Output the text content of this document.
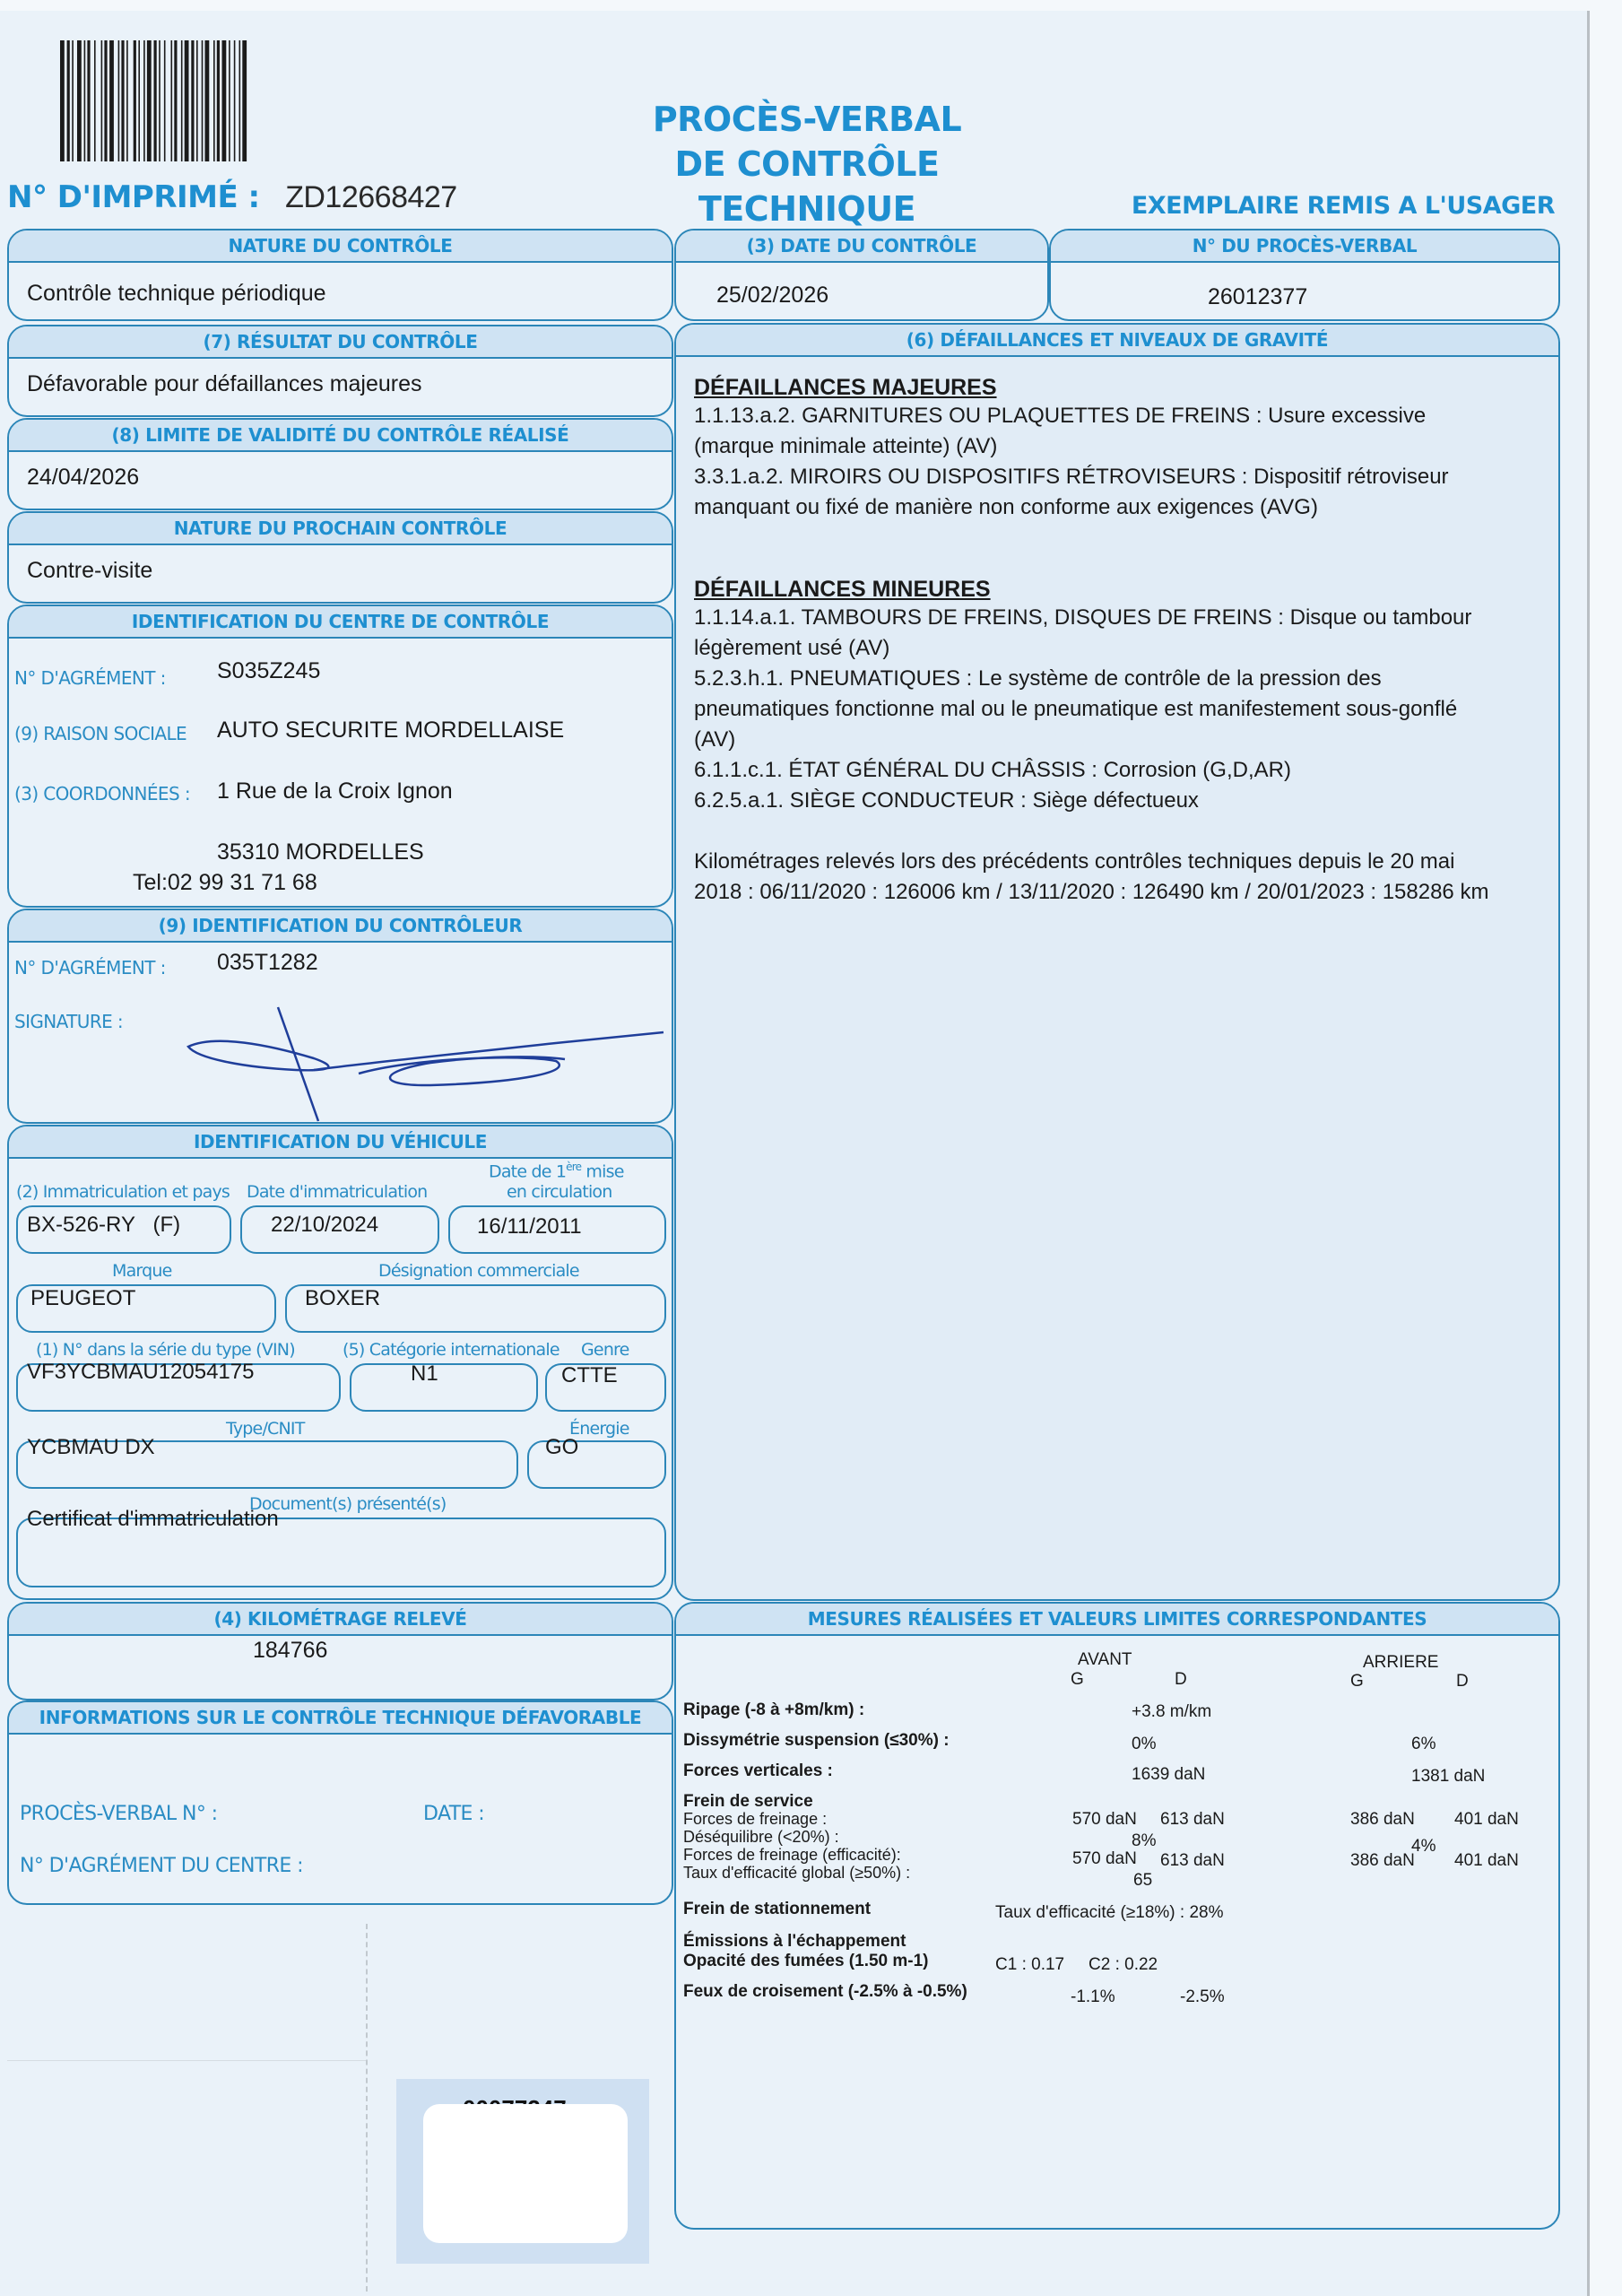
PROCÈS-VERBAL
DE CONTRÔLE TECHNIQUE
N° D'IMPRIMÉ : ZD12668427	EXEMPLAIRE REMIS A L'USAGER
NATURE DU CONTRÔLE
Contrôle technique périodique
(3) DATE DU CONTRÔLE
25/02/2026
N° DU PROCÈS-VERBAL
26012377
(7) RÉSULTAT DU CONTRÔLE
Défavorable pour défaillances majeures
(8) LIMITE DE VALIDITÉ DU CONTRÔLE RÉALISÉ
24/04/2026
NATURE DU PROCHAIN CONTRÔLE
Contre-visite
IDENTIFICATION DU CENTRE DE CONTRÔLE
N° D'AGRÉMENT : S035Z245
(9) RAISON SOCIALE AUTO SECURITE MORDELLAISE
(3) COORDONNÉES : 1 Rue de la Croix Ignon
35310 MORDELLES
Tel:02 99 31 71 68
(9) IDENTIFICATION DU CONTRÔLEUR
N° D'AGRÉMENT : 035T1282
SIGNATURE :
IDENTIFICATION DU VÉHICULE
(2) Immatriculation et pays Date d'immatriculation
Date de 1ère mise
en circulation
BX-526-RY   (F)	22/10/2024	16/11/2011
Marque	Désignation commerciale
PEUGEOT	BOXER
(1) N° dans la série du type (VIN)	(5) Catégorie internationale Genre
VF3YCBMAU12054175	N1	CTTE
Type/CNIT	Énergie
YCBMAU DX	GO
Document(s) présenté(s)
Certificat d'immatriculation
(4) KILOMÉTRAGE RELEVÉ
184766
INFORMATIONS SUR LE CONTRÔLE TECHNIQUE DÉFAVORABLE
PROCÈS-VERBAL N° :	DATE :
N° D'AGRÉMENT DU CENTRE :
(6) DÉFAILLANCES ET NIVEAUX DE GRAVITÉ
DÉFAILLANCES MAJEURES
1.1.13.a.2. GARNITURES OU PLAQUETTES DE FREINS : Usure excessive (marque minimale atteinte) (AV)
3.3.1.a.2. MIROIRS OU DISPOSITIFS RÉTROVISEURS : Dispositif rétroviseur manquant ou fixé de manière non conforme aux exigences (AVG)
DÉFAILLANCES MINEURES
1.1.14.a.1. TAMBOURS DE FREINS, DISQUES DE FREINS : Disque ou tambour légèrement usé (AV)
5.2.3.h.1. PNEUMATIQUES : Le système de contrôle de la pression des pneumatiques fonctionne mal ou le pneumatique est manifestement sous-gonflé (AV)
6.1.1.c.1. ÉTAT GÉNÉRAL DU CHÂSSIS : Corrosion (G,D,AR)
6.2.5.a.1. SIÈGE CONDUCTEUR : Siège défectueux
Kilométrages relevés lors des précédents contrôles techniques depuis le 20 mai 2018 : 06/11/2020 : 126006 km / 13/11/2020 : 126490 km / 20/01/2023 : 158286 km
MESURES RÉALISÉES ET VALEURS LIMITES CORRESPONDANTES
AVANT
G	D
ARRIERE
G	D
Ripage (-8 à +8m/km) :	+3.8 m/km
Dissymétrie suspension (≤30%) :	0%	6%
Forces verticales :	1639 daN	1381 daN
Frein de service
Forces de freinage :	570 daN 613 daN	386 daN 401 daN
Déséquilibre (<20%) :	8%	4%
Forces de freinage (efficacité):	570 daN 613 daN	386 daN 401 daN
Taux d'efficacité global (≥50%) :	65
Frein de stationnement	Taux d'efficacité (≥18%) : 28%
Émissions à l'échappement
Opacité des fumées (1.50 m-1)	C1 : 0.17 C2 : 0.22
Feux de croisement (-2.5% à -0.5%)	-1.1%	-2.5%
